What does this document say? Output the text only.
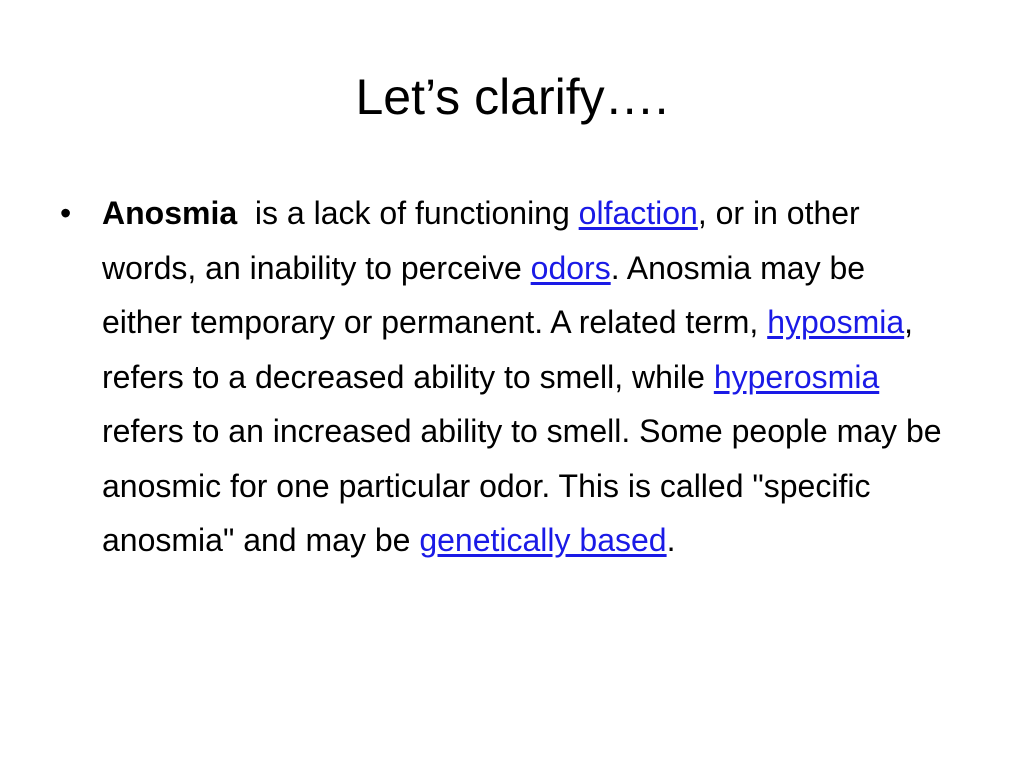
Let’s clarify….
• Anosmia  is a lack of functioning olfaction, or in other words, an inability to perceive odors. Anosmia may be either temporary or permanent. A related term, hyposmia, refers to a decreased ability to smell, while hyperosmia refers to an increased ability to smell. Some people may be anosmic for one particular odor. This is called "specific anosmia" and may be genetically based.
